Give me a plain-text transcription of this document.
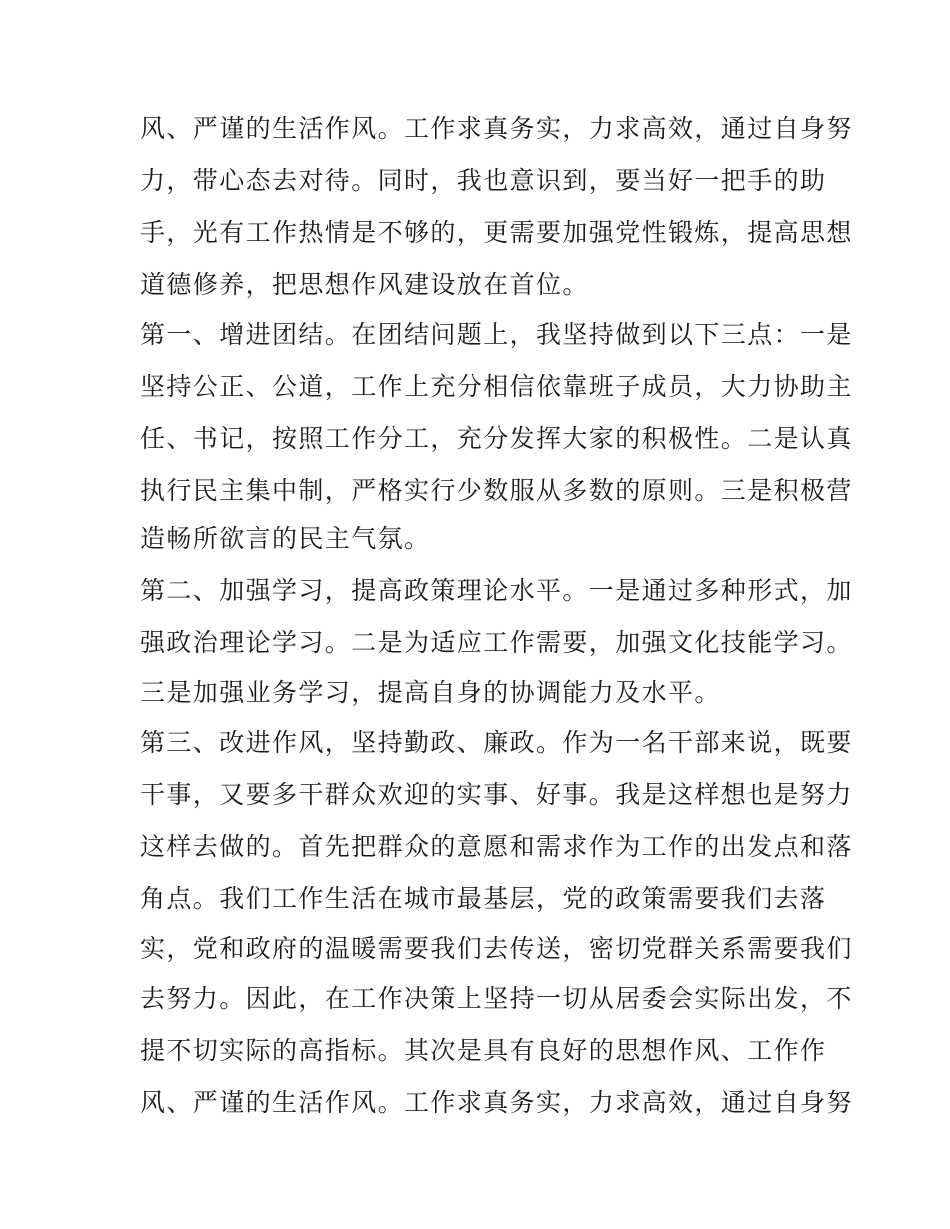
风、严谨的生活作风。工作求真务实，力求高效，通过自身努
力，带心态去对待。同时，我也意识到，要当好一把手的助
手，光有工作热情是不够的，更需要加强党性锻炼，提高思想
道德修养，把思想作风建设放在首位。
第一、增进团结。在团结问题上，我坚持做到以下三点：一是
坚持公正、公道，工作上充分相信依靠班子成员，大力协助主
任、书记，按照工作分工，充分发挥大家的积极性。二是认真
执行民主集中制，严格实行少数服从多数的原则。三是积极营
造畅所欲言的民主气氛。
第二、加强学习，提高政策理论水平。一是通过多种形式，加
强政治理论学习。二是为适应工作需要，加强文化技能学习。
三是加强业务学习，提高自身的协调能力及水平。
第三、改进作风，坚持勤政、廉政。作为一名干部来说，既要
干事，又要多干群众欢迎的实事、好事。我是这样想也是努力
这样去做的。首先把群众的意愿和需求作为工作的出发点和落
角点。我们工作生活在城市最基层，党的政策需要我们去落
实，党和政府的温暖需要我们去传送，密切党群关系需要我们
去努力。因此，在工作决策上坚持一切从居委会实际出发，不
提不切实际的高指标。其次是具有良好的思想作风、工作作
风、严谨的生活作风。工作求真务实，力求高效，通过自身努
